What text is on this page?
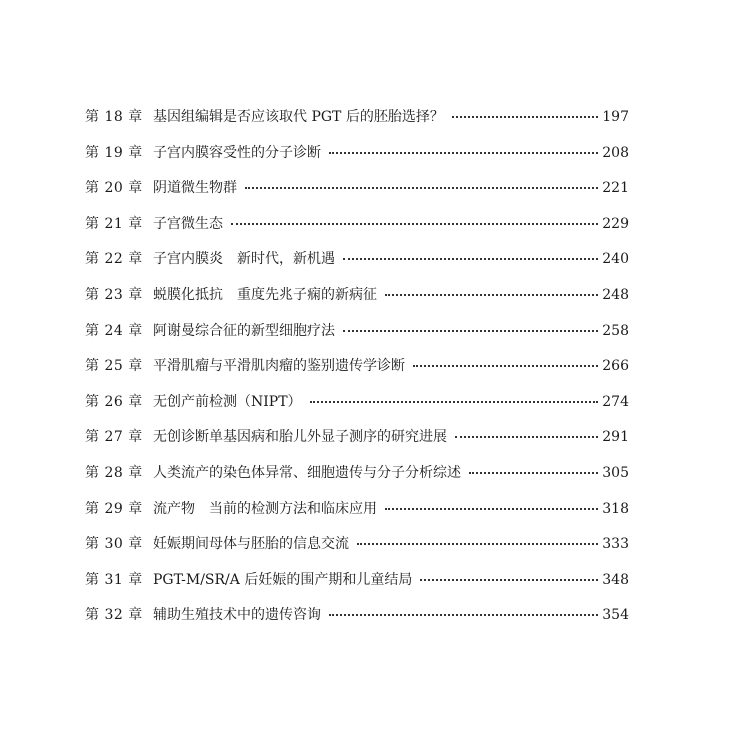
第 18 章 基因组编辑是否应该取代 PGT 后的胚胎选择？	197
第 19 章 子宫内膜容受性的分子诊断	208
第 20 章 阴道微生物群	221
第 21 章 子宫微生态	229
第 22 章 子宫内膜炎　新时代，新机遇	240
第 23 章 蜕膜化抵抗　重度先兆子痫的新病征	248
第 24 章 阿谢曼综合征的新型细胞疗法	258
第 25 章 平滑肌瘤与平滑肌肉瘤的鉴别遗传学诊断	266
第 26 章 无创产前检测（NIPT）	274
第 27 章 无创诊断单基因病和胎儿外显子测序的研究进展	291
第 28 章 人类流产的染色体异常、细胞遗传与分子分析综述	305
第 29 章 流产物　当前的检测方法和临床应用	318
第 30 章 妊娠期间母体与胚胎的信息交流	333
第 31 章 PGT-M/SR/A 后妊娠的围产期和儿童结局	348
第 32 章 辅助生殖技术中的遗传咨询	354
